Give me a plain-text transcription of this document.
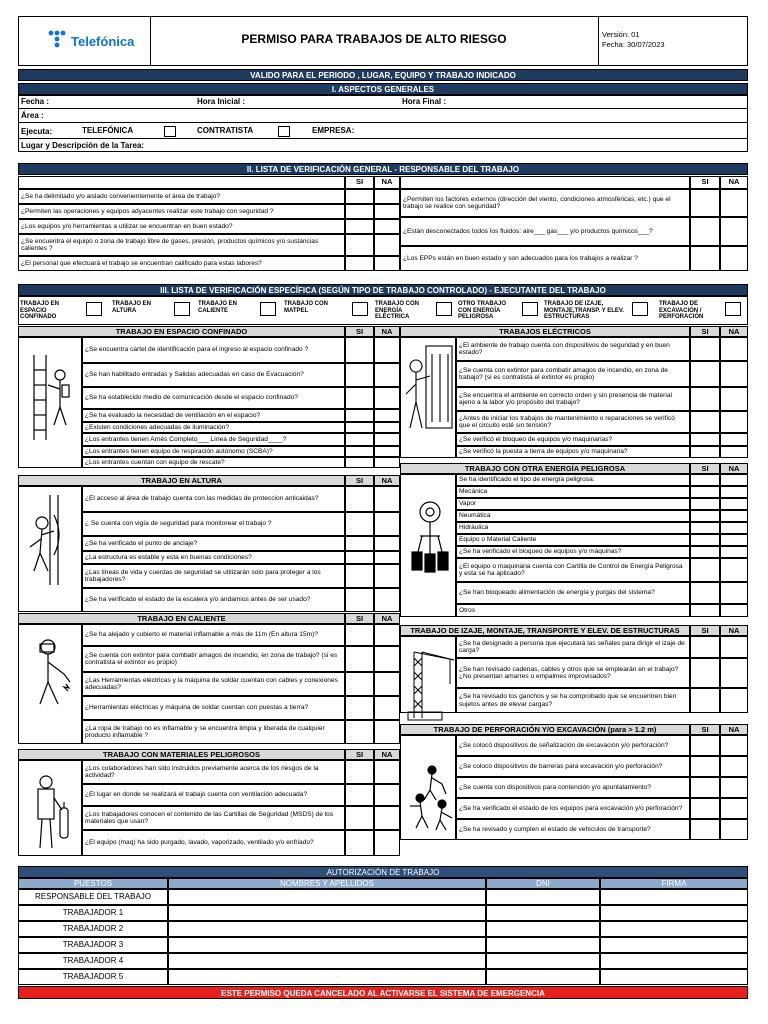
Telefónica	PERMISO PARA TRABAJOS DE ALTO RIESGO	Versión: 01
Fecha: 30/07/2023
VALIDO PARA EL PERIODO , LUGAR, EQUIPO Y TRABAJO INDICADO
I. ASPECTOS GENERALES
Fecha :	Hora Inicial :	Hora Final :
Área :
Ejecuta:	TELEFÓNICA	CONTRATISTA	EMPRESA:
Lugar y Descripción de la Tarea:
II. LISTA DE VERIFICACIÓN GENERAL - RESPONSABLE DEL TRABAJO
SI	NA	SI	NA
¿Se ha delimitado y/o aislado convenientemente el área de trabajo?
¿Permiten las operaciones y equipos adyacentes realizar este trabajo con seguridad ?
¿Los equipos y/o herramientas a utilizar se encuentran en buen estado?
¿Se encuentra el equipo o zona de trabajo libre de gases, presión, productos químicos y/o sustancias calientes ?
¿El personal que efectuará el trabajo se encuentran calificado para estas labores?
¿Permiten los factores externos (dirección del viento, condiciones atmosféricas, etc.) que el trabajo se realice con seguridad?
¿Están desconectados todos los fluidos: aire___ gas___ y/o productos químicos___?
¿Los EPPs están en buen estado y son adecuados para los trabajos a realizar ?
III. LISTA DE VERIFICACIÓN ESPECÍFICA (SEGÚN TIPO DE TRABAJO CONTROLADO) - EJECUTANTE DEL TRABAJO
TRABAJO EN ESPACIO CONFINADO
TRABAJO EN ALTURA
TRABAJO EN CALIENTE
TRABAJO CON MATPEL
TRABAJO CON ENERGÍA ELÉCTRICA
OTRO TRABAJO CON ENERGÍA PELIGROSA
TRABAJO DE IZAJE, MONTAJE,TRANSP. Y ELEV. ESTRUCTURAS
TRABAJO DE EXCAVACIÓN / PERFORACIÓN
TRABAJO EN ESPACIO CONFINADO	SI	NA
¿Se encuentra cartel de identificación para el ingreso al espacio confinado ?
¿Se han habilitado entradas y Salidas adecuadas en caso de Evacuación?
¿Se ha establecido medio de comunicación desde el espacio confinado?
¿Se ha evaluado la necesidad de ventilación en el espacio?
¿Existen condiciones adecuadas de iluminación?
¿Los entrantes tienen Arnés Completo___ Línea de Seguridad____?
¿Los entrantes tienen equipo de respiración autónomo (SCBA)?
¿Los entrantes cuentan con equipo de rescate?
TRABAJO EN ALTURA	SI	NA
¿El acceso al área de trabajo cuenta con las medidas de proteccion anticaidas?
¿ Se cuenta con vigía de seguridad para monitorear el trabajo ?
¿Se ha verificado el punto de anclaje?
¿La estructura es estable y esta en buenas condiciones?
¿Las líneas de vida y cuerdas de seguridad se utilizarán solo para proteger a los trabajadores?
¿Se ha verificado el estado de la escalera y/o andamios antes de ser usado?
TRABAJO EN CALIENTE	SI	NA
¿Se ha alejado y cubierto el material inflamable a más de 11m (En altura 15m)?
¿Se cuenta con extintor para combatir amagos de incendio, en zona de trabajo? (si es contratista el extintor es propio)
¿Las Herramientas eléctricas y la máquina de soldar cuentan con cables y conexiones adecuadas?
¿Herramientas eléctricas y máquina de soldar cuentan con puestas a tierra?
¿La ropa de trabajo no es inflamable y se encuentra limpia y liberada de cualquier producto inflamable ?
TRABAJO CON MATERIALES PELIGROSOS	SI	NA
¿Los colaboradores han sido instruidos previamente acerca de los riesgos de la actividad?
¿El lugar en donde se realizará el trabajo cuenta con ventilación adecuada?
¿Los trabajadores conocen el contenido de las Cartillas de Seguridad (MSDS) de los materiales que usan?
¿El equipo (maq) ha sido purgado, lavado, vaporizado, ventilado y/o enfriado?
TRABAJOS ELÉCTRICOS	SI	NA
¿El ambiente de trabajo cuenta con dispositivos de seguridad y en buen estado?
¿Se cuenta con extintor para combatir amagos de incendio, en zona de trabajo? (si es contratista el extintor es propio)
¿Se encuentra el ambiente en correcto orden y sin presencia de material ajeno a la labor y/o propósito del trabajo?
¿Antes de iniciar los trabajos de mantenimiento o reparaciones se verificó que el circuito esté sin tensión?
¿Se verificó el bloqueo de equipos y/o maquinarias?
¿Se verificó la puesta a tierra de equipos y/o maquinaria?
TRABAJO CON OTRA ENERGÍA PELIGROSA	SI	NA
Se ha identificado el tipo de energía peligrosa:
Mecánica
Vapor
Neumática
Hidráulica
Equipo o Material Caliente
¿Se ha verificado el bloqueo de equipos y/o máquinas?
¿El equipo o maquinaria cuenta con Cartilla de Control de Energía Peligrosa y esta se ha aplicado?
¿Se han bloqueado alimentación de energía y purgas del sistema?
Otros
TRABAJO DE IZAJE, MONTAJE, TRANSPORTE Y ELEV. DE ESTRUCTURAS	SI	NA
¿Se ha designado a persona que ejecutará las señales para dirigir el izaje de carga?
¿Se han revisado cadenas, cables y otros que se emplearán en el trabajo? ¿No presentan amarres o empalmes improvisados?
¿Se ha revisado los ganchos y se ha comprobado que se encuentren bien sujetos antes de elevar cargas?
TRABAJO DE PERFORACIÓN Y/O EXCAVACIÓN (para > 1.2 m)	SI	NA
¿Se colocó dispositivos de señalización de excavación y/o perforación?
¿Se colocó dispositivos de barreras para excavación y/o perforación?
¿Se cuenta con dispositivos para contención y/o apuntalamiento?
¿Se ha verificado el estado de los equipos para excavación y/o perforación?
¿Se ha revisado y cumplen el estado de vehículos de transporte?
AUTORIZACIÓN DE TRABAJO
PUESTOS	NOMBRES Y APELLIDOS	DNI	FIRMA
RESPONSABLE DEL TRABAJO
TRABAJADOR 1
TRABAJADOR 2
TRABAJADOR 3
TRABAJADOR 4
TRABAJADOR 5
ESTE PERMISO QUEDA CANCELADO AL ACTIVARSE EL SISTEMA DE EMERGENCIA
